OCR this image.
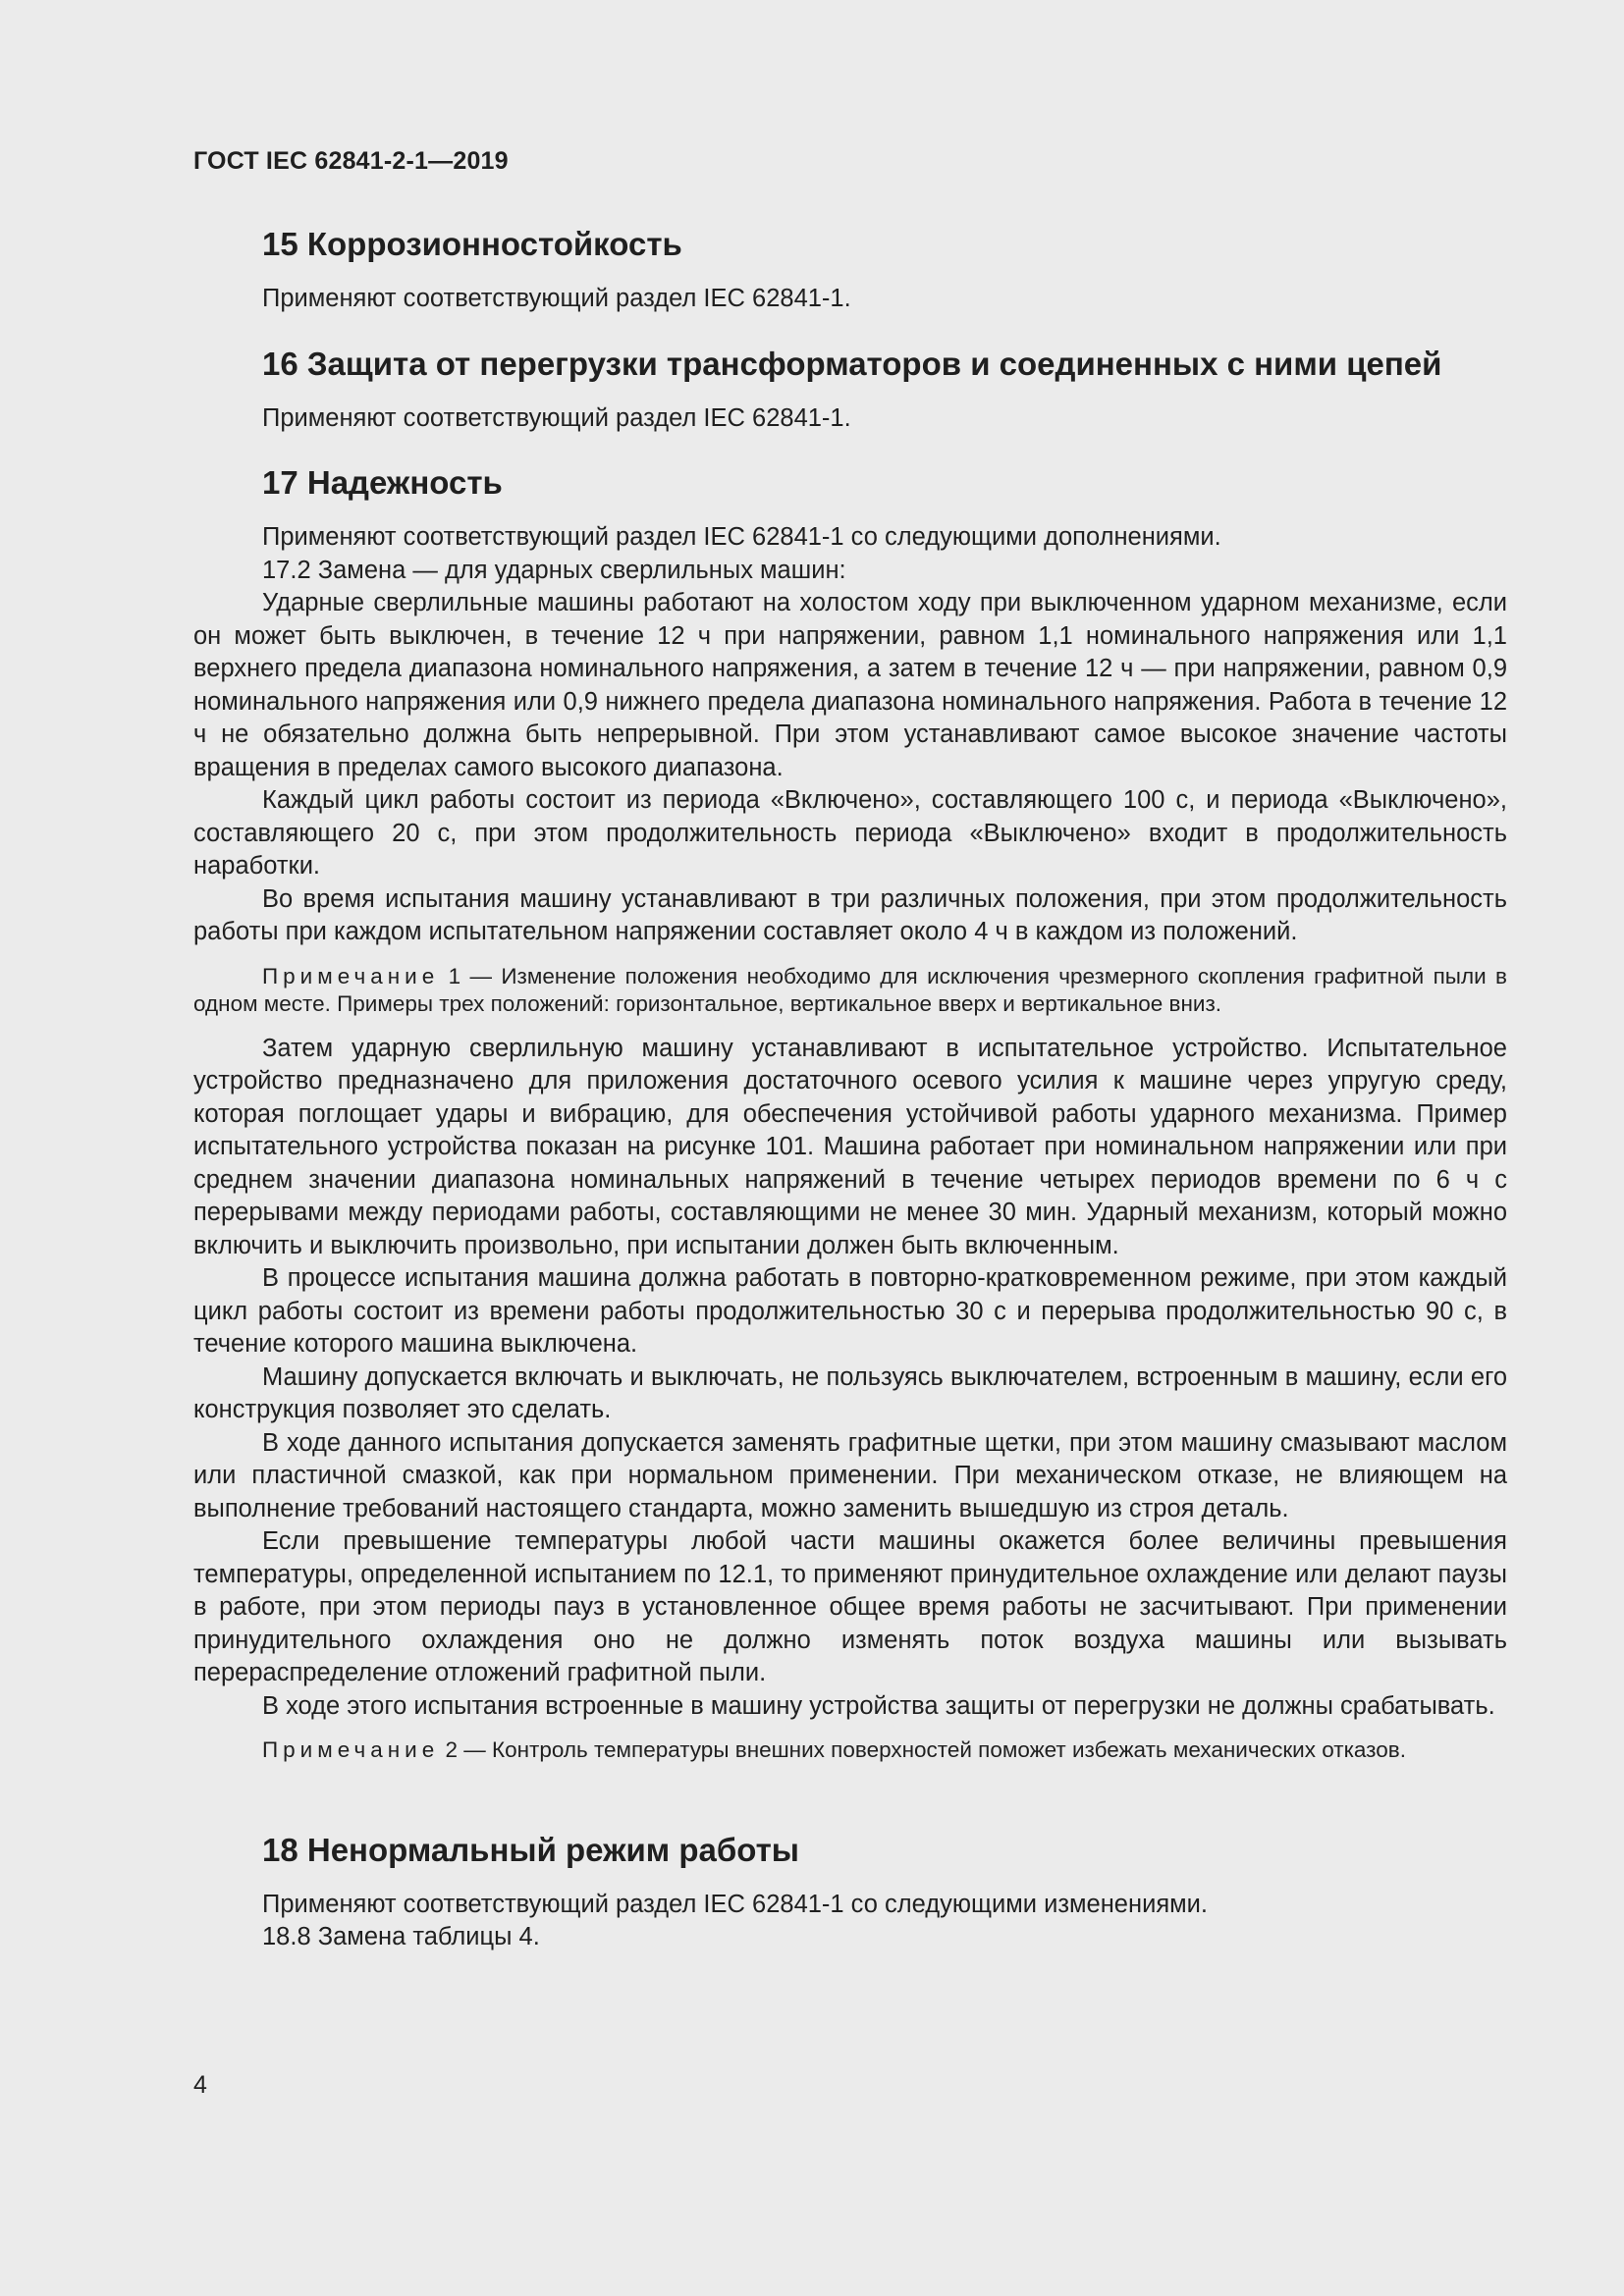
ГОСТ IEC 62841-2-1—2019
15 Коррозионностойкость

Применяют соответствующий раздел IEC 62841-1.

16 Защита от перегрузки трансформаторов и соединенных с ними цепей

Применяют соответствующий раздел IEC 62841-1.

17 Надежность

Применяют соответствующий раздел IEC 62841-1 со следующими дополнениями.

17.2 Замена — для ударных сверлильных машин:

Ударные сверлильные машины работают на холостом ходу при выключенном ударном механизме, если он может быть выключен, в течение 12 ч при напряжении, равном 1,1 номинального напряжения или 1,1 верхнего предела диапазона номинального напряжения, а затем в течение 12 ч — при напряжении, равном 0,9 номинального напряжения или 0,9 нижнего предела диапазона номинального напряжения. Работа в течение 12 ч не обязательно должна быть непрерывной. При этом устанавливают самое высокое значение частоты вращения в пределах самого высокого диапазона.

Каждый цикл работы состоит из периода «Включено», составляющего 100 с, и периода «Выключено», составляющего 20 с, при этом продолжительность периода «Выключено» входит в продолжительность наработки.

Во время испытания машину устанавливают в три различных положения, при этом продолжительность работы при каждом испытательном напряжении составляет около 4 ч в каждом из положений.

Примечание 1 — Изменение положения необходимо для исключения чрезмерного скопления графитной пыли в одном месте. Примеры трех положений: горизонтальное, вертикальное вверх и вертикальное вниз.

Затем ударную сверлильную машину устанавливают в испытательное устройство. Испытательное устройство предназначено для приложения достаточного осевого усилия к машине через упругую среду, которая поглощает удары и вибрацию, для обеспечения устойчивой работы ударного механизма. Пример испытательного устройства показан на рисунке 101. Машина работает при номинальном напряжении или при среднем значении диапазона номинальных напряжений в течение четырех периодов времени по 6 ч с перерывами между периодами работы, составляющими не менее 30 мин. Ударный механизм, который можно включить и выключить произвольно, при испытании должен быть включенным.

В процессе испытания машина должна работать в повторно-кратковременном режиме, при этом каждый цикл работы состоит из времени работы продолжительностью 30 с и перерыва продолжительностью 90 с, в течение которого машина выключена.

Машину допускается включать и выключать, не пользуясь выключателем, встроенным в машину, если его конструкция позволяет это сделать.

В ходе данного испытания допускается заменять графитные щетки, при этом машину смазывают маслом или пластичной смазкой, как при нормальном применении. При механическом отказе, не влияющем на выполнение требований настоящего стандарта, можно заменить вышедшую из строя деталь.

Если превышение температуры любой части машины окажется более величины превышения температуры, определенной испытанием по 12.1, то применяют принудительное охлаждение или делают паузы в работе, при этом периоды пауз в установленное общее время работы не засчитывают. При применении принудительного охлаждения оно не должно изменять поток воздуха машины или вызывать перераспределение отложений графитной пыли.

В ходе этого испытания встроенные в машину устройства защиты от перегрузки не должны срабатывать.

Примечание 2 — Контроль температуры внешних поверхностей поможет избежать механических отказов.
18 Ненормальный режим работы

Применяют соответствующий раздел IEC 62841-1 со следующими изменениями.

18.8 Замена таблицы 4.

4
